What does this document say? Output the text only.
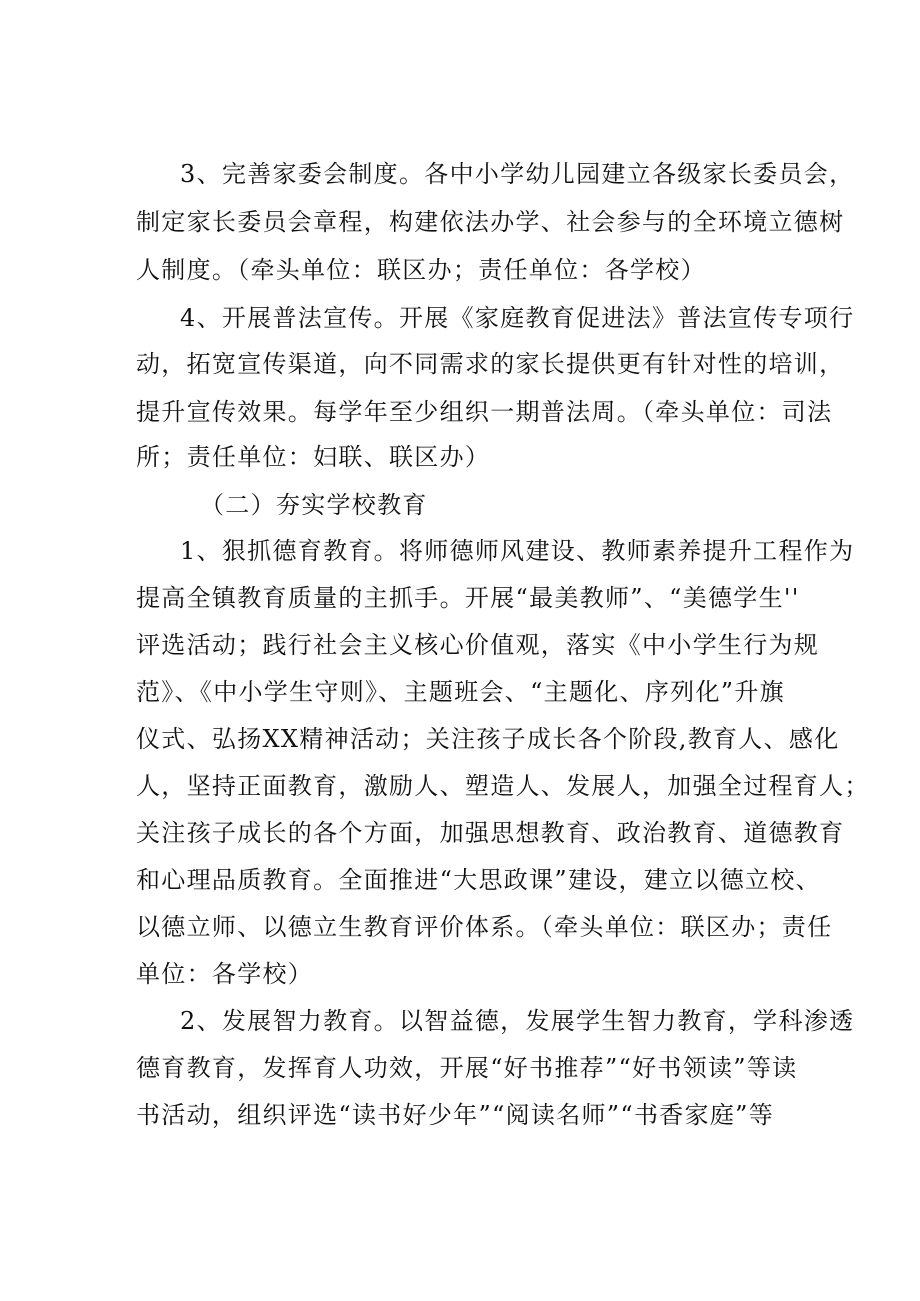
3、完善家委会制度。各中小学幼儿园建立各级家长委员会，
制定家长委员会章程，构建依法办学、社会参与的全环境立德树
人制度。（牵头单位：联区办；责任单位：各学校）
4、开展普法宣传。开展《家庭教育促进法》普法宣传专项行
动，拓宽宣传渠道，向不同需求的家长提供更有针对性的培训，
提升宣传效果。每学年至少组织一期普法周。（牵头单位：司法
所；责任单位：妇联、联区办）
（二）夯实学校教育
1、狠抓德育教育。将师德师风建设、教师素养提升工程作为
提高全镇教育质量的主抓手。开展“最美教师”、“美德学生''
评选活动；践行社会主义核心价值观，落实《中小学生行为规
范》、《中小学生守则》、主题班会、“主题化、序列化”升旗
仪式、弘扬XX精神活动；关注孩子成长各个阶段,教育人、感化
人，坚持正面教育，激励人、塑造人、发展人，加强全过程育人；
关注孩子成长的各个方面，加强思想教育、政治教育、道德教育
和心理品质教育。全面推进“大思政课”建设，建立以德立校、
以德立师、以德立生教育评价体系。（牵头单位：联区办；责任
单位：各学校）
2、发展智力教育。以智益德，发展学生智力教育，学科渗透
德育教育，发挥育人功效，开展“好书推荐”“好书领读”等读
书活动，组织评选“读书好少年”“阅读名师”“书香家庭”等
